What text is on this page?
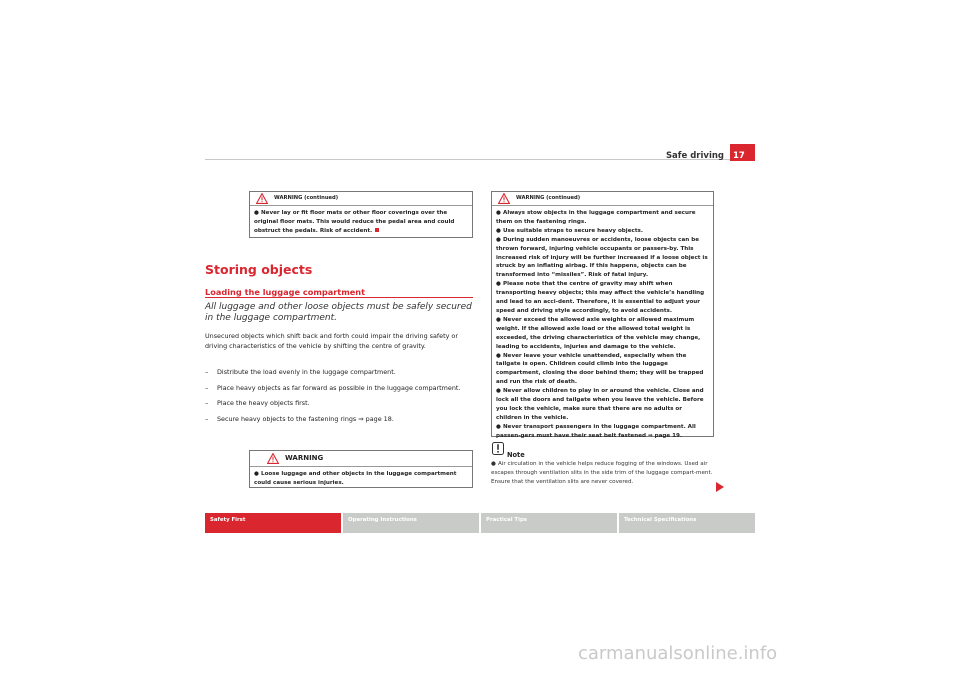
Safe driving	17
WARNING (continued)
● Never lay or fit floor mats or other floor coverings over the original floor mats. This would reduce the pedal area and could obstruct the pedals. Risk of accident.
Storing objects
Loading the luggage compartment
All luggage and other loose objects must be safely secured in the luggage compartment.
Unsecured objects which shift back and forth could impair the driving safety or driving characteristics of the vehicle by shifting the centre of gravity.
– Distribute the load evenly in the luggage compartment.
– Place heavy objects as far forward as possible in the luggage compartment.
– Place the heavy objects first.
– Secure heavy objects to the fastening rings ⇒ page 18.
WARNING
● Loose luggage and other objects in the luggage compartment could cause serious injuries.
WARNING (continued)
● Always stow objects in the luggage compartment and secure them on the fastening rings.
● Use suitable straps to secure heavy objects.
● During sudden manoeuvres or accidents, loose objects can be thrown forward, injuring vehicle occupants or passers-by. This increased risk of injury will be further increased if a loose object is struck by an inflating airbag. If this happens, objects can be transformed into “missiles”. Risk of fatal injury.
● Please note that the centre of gravity may shift when transporting heavy objects; this may affect the vehicle’s handling and lead to an acci-dent. Therefore, it is essential to adjust your speed and driving style accordingly, to avoid accidents.
● Never exceed the allowed axle weights or allowed maximum weight. If the allowed axle load or the allowed total weight is exceeded, the driving characteristics of the vehicle may change, leading to accidents, injuries and damage to the vehicle.
● Never leave your vehicle unattended, especially when the tailgate is open. Children could climb into the luggage compartment, closing the door behind them; they will be trapped and run the risk of death.
● Never allow children to play in or around the vehicle. Close and lock all the doors and tailgate when you leave the vehicle. Before you lock the vehicle, make sure that there are no adults or children in the vehicle.
● Never transport passengers in the luggage compartment. All passen-gers must have their seat belt fastened ⇒ page 19.
Note
● Air circulation in the vehicle helps reduce fogging of the windows. Used air escapes through ventilation slits in the side trim of the luggage compart-ment. Ensure that the ventilation slits are never covered.
Safety First	Operating Instructions	Practical Tips	Technical Specifications
carmanualsonline.info
